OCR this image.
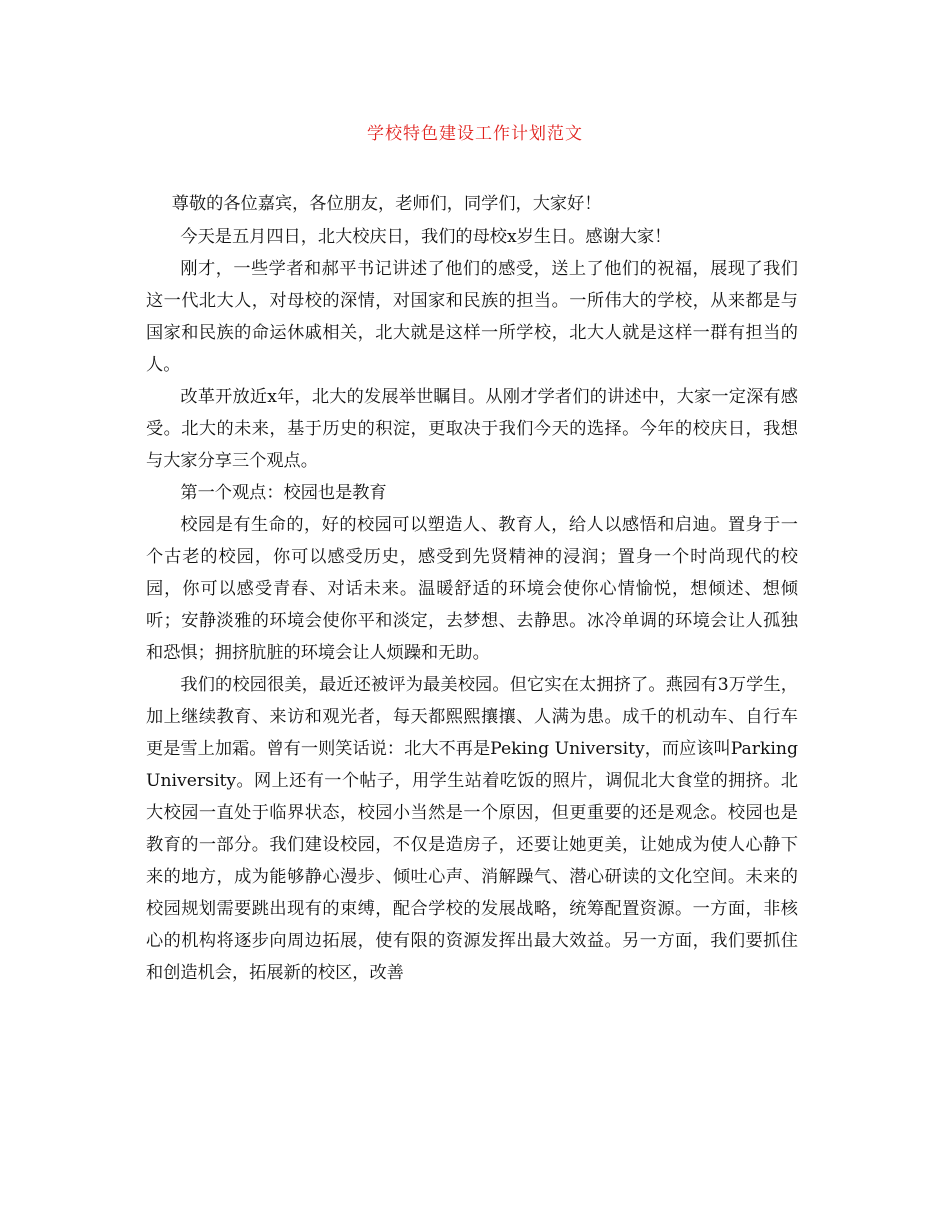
学校特色建设工作计划范文

尊敬的各位嘉宾，各位朋友，老师们，同学们，大家好！

今天是五月四日，北大校庆日，我们的母校x岁生日。感谢大家！

刚才，一些学者和郝平书记讲述了他们的感受，送上了他们的祝福，展现了我们这一代北大人，对母校的深情，对国家和民族的担当。一所伟大的学校，从来都是与国家和民族的命运休戚相关，北大就是这样一所学校，北大人就是这样一群有担当的人。

改革开放近x年，北大的发展举世瞩目。从刚才学者们的讲述中，大家一定深有感受。北大的未来，基于历史的积淀，更取决于我们今天的选择。今年的校庆日，我想与大家分享三个观点。

第一个观点：校园也是教育

校园是有生命的，好的校园可以塑造人、教育人，给人以感悟和启迪。置身于一个古老的校园，你可以感受历史，感受到先贤精神的浸润；置身一个时尚现代的校园，你可以感受青春、对话未来。温暖舒适的环境会使你心情愉悦，想倾述、想倾听；安静淡雅的环境会使你平和淡定，去梦想、去静思。冰冷单调的环境会让人孤独和恐惧；拥挤肮脏的环境会让人烦躁和无助。

我们的校园很美，最近还被评为最美校园。但它实在太拥挤了。燕园有3万学生，加上继续教育、来访和观光者，每天都熙熙攘攘、人满为患。成千的机动车、自行车更是雪上加霜。曾有一则笑话说：北大不再是Peking University，而应该叫Parking University。网上还有一个帖子，用学生站着吃饭的照片，调侃北大食堂的拥挤。北大校园一直处于临界状态，校园小当然是一个原因，但更重要的还是观念。校园也是教育的一部分。我们建设校园，不仅是造房子，还要让她更美，让她成为使人心静下来的地方，成为能够静心漫步、倾吐心声、消解躁气、潜心研读的文化空间。未来的校园规划需要跳出现有的束缚，配合学校的发展战略，统筹配置资源。一方面，非核心的机构将逐步向周边拓展，使有限的资源发挥出最大效益。另一方面，我们要抓住和创造机会，拓展新的校区，改善
